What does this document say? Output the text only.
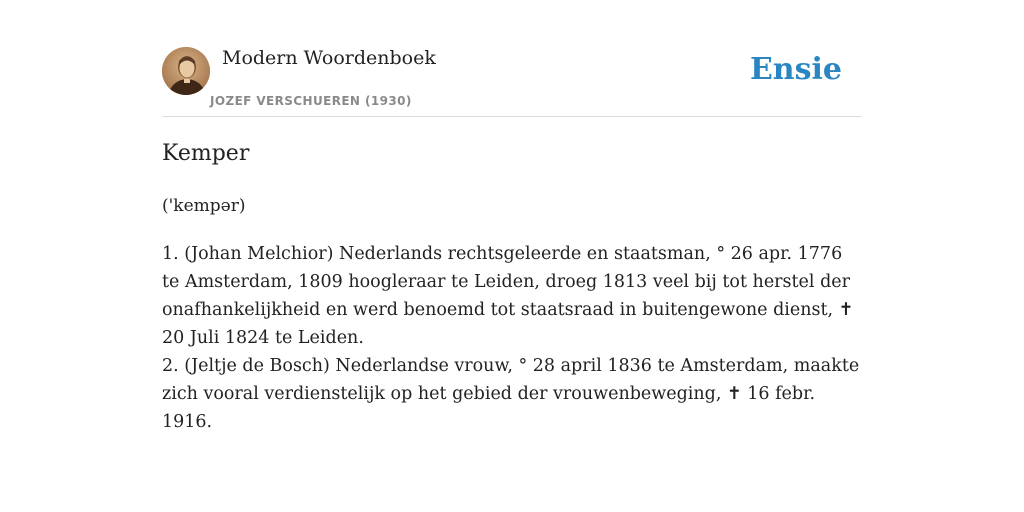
Modern Woordenboek
JOZEF VERSCHUEREN (1930)
Ensie
Kemper
('kempər)

1. (Johan Melchior) Nederlands rechtsgeleerde en staatsman, ° 26 apr. 1776 te Amsterdam, 1809 hoogleraar te Leiden, droeg 1813 veel bij tot herstel der onafhankelijkheid en werd benoemd tot staatsraad in buitengewone dienst, ✝ 20 Juli 1824 te Leiden.

2. (Jeltje de Bosch) Nederlandse vrouw, ° 28 april 1836 te Amsterdam, maakte zich vooral verdienstelijk op het gebied der vrouwenbeweging, ✝ 16 febr. 1916.
